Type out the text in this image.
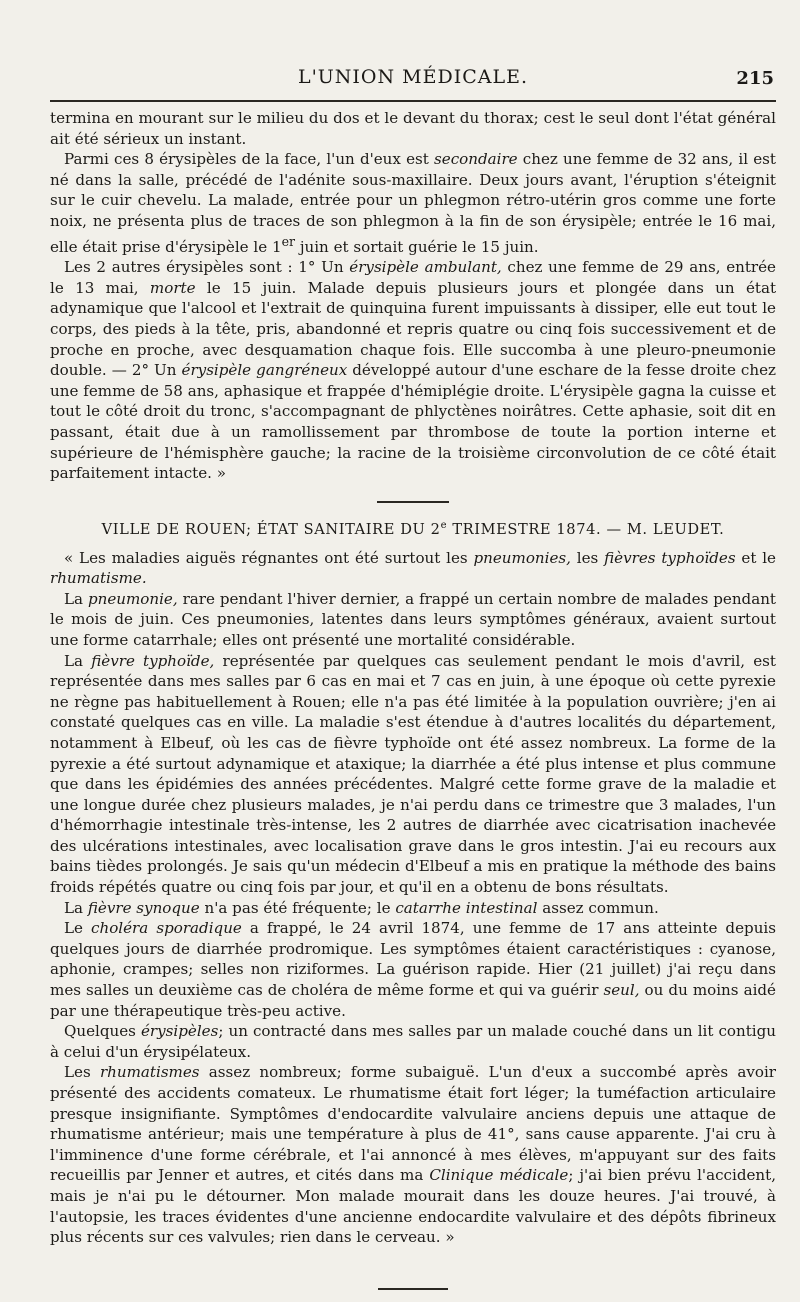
L'UNION MÉDICALE.	215

termina en mourant sur le milieu du dos et le devant du thorax; cest le seul dont l'état général ait été sérieux un instant.

Parmi ces 8 érysipèles de la face, l'un d'eux est secondaire chez une femme de 32 ans, il est né dans la salle, précédé de l'adénite sous-maxillaire. Deux jours avant, l'éruption s'éteignit sur le cuir chevelu. La malade, entrée pour un phlegmon rétro-utérin gros comme une forte noix, ne présenta plus de traces de son phlegmon à la fin de son érysipèle; entrée le 16 mai, elle était prise d'érysipèle le 1er juin et sortait guérie le 15 juin.

Les 2 autres érysipèles sont : 1° Un érysipèle ambulant, chez une femme de 29 ans, entrée le 13 mai, morte le 15 juin. Malade depuis plusieurs jours et plongée dans un état adynamique que l'alcool et l'extrait de quinquina furent impuissants à dissiper, elle eut tout le corps, des pieds à la tête, pris, abandonné et repris quatre ou cinq fois successivement et de proche en proche, avec desquamation chaque fois. Elle succomba à une pleuro-pneumonie double. — 2° Un érysipèle gangréneux développé autour d'une eschare de la fesse droite chez une femme de 58 ans, aphasique et frappée d'hémiplégie droite. L'érysipèle gagna la cuisse et tout le côté droit du tronc, s'accompagnant de phlyctènes noirâtres. Cette aphasie, soit dit en passant, était due à un ramollissement par thrombose de toute la portion interne et supérieure de l'hémisphère gauche; la racine de la troisième circonvolution de ce côté était parfaitement intacte. »

VILLE DE ROUEN; ÉTAT SANITAIRE DU 2e TRIMESTRE 1874. — M. LEUDET.

« Les maladies aiguës régnantes ont été surtout les pneumonies, les fièvres typhoïdes et le rhumatisme.

La pneumonie, rare pendant l'hiver dernier, a frappé un certain nombre de malades pendant le mois de juin. Ces pneumonies, latentes dans leurs symptômes généraux, avaient surtout une forme catarrhale; elles ont présenté une mortalité considérable.

La fièvre typhoïde, représentée par quelques cas seulement pendant le mois d'avril, est représentée dans mes salles par 6 cas en mai et 7 cas en juin, à une époque où cette pyrexie ne règne pas habituellement à Rouen; elle n'a pas été limitée à la population ouvrière; j'en ai constaté quelques cas en ville. La maladie s'est étendue à d'autres localités du département, notamment à Elbeuf, où les cas de fièvre typhoïde ont été assez nombreux. La forme de la pyrexie a été surtout adynamique et ataxique; la diarrhée a été plus intense et plus commune que dans les épidémies des années précédentes. Malgré cette forme grave de la maladie et une longue durée chez plusieurs malades, je n'ai perdu dans ce trimestre que 3 malades, l'un d'hémorrhagie intestinale très-intense, les 2 autres de diarrhée avec cicatrisation inachevée des ulcérations intestinales, avec localisation grave dans le gros intestin. J'ai eu recours aux bains tièdes prolongés. Je sais qu'un médecin d'Elbeuf a mis en pratique la méthode des bains froids répétés quatre ou cinq fois par jour, et qu'il en a obtenu de bons résultats.

La fièvre synoque n'a pas été fréquente; le catarrhe intestinal assez commun.

Le choléra sporadique a frappé, le 24 avril 1874, une femme de 17 ans atteinte depuis quelques jours de diarrhée prodromique. Les symptômes étaient caractéristiques : cyanose, aphonie, crampes; selles non riziformes. La guérison rapide. Hier (21 juillet) j'ai reçu dans mes salles un deuxième cas de choléra de même forme et qui va guérir seul, ou du moins aidé par une thérapeutique très-peu active.

Quelques érysipèles; un contracté dans mes salles par un malade couché dans un lit contigu à celui d'un érysipélateux.

Les rhumatismes assez nombreux; forme subaiguë. L'un d'eux a succombé après avoir présenté des accidents comateux. Le rhumatisme était fort léger; la tuméfaction articulaire presque insignifiante. Symptômes d'endocardite valvulaire anciens depuis une attaque de rhumatisme antérieur; mais une température à plus de 41°, sans cause apparente. J'ai cru à l'imminence d'une forme cérébrale, et l'ai annoncé à mes élèves, m'appuyant sur des faits recueillis par Jenner et autres, et cités dans ma Clinique médicale; j'ai bien prévu l'accident, mais je n'ai pu le détourner. Mon malade mourait dans les douze heures. J'ai trouvé, à l'autopsie, les traces évidentes d'une ancienne endocardite valvulaire et des dépôts fibrineux plus récents sur ces valvules; rien dans le cerveau. »
